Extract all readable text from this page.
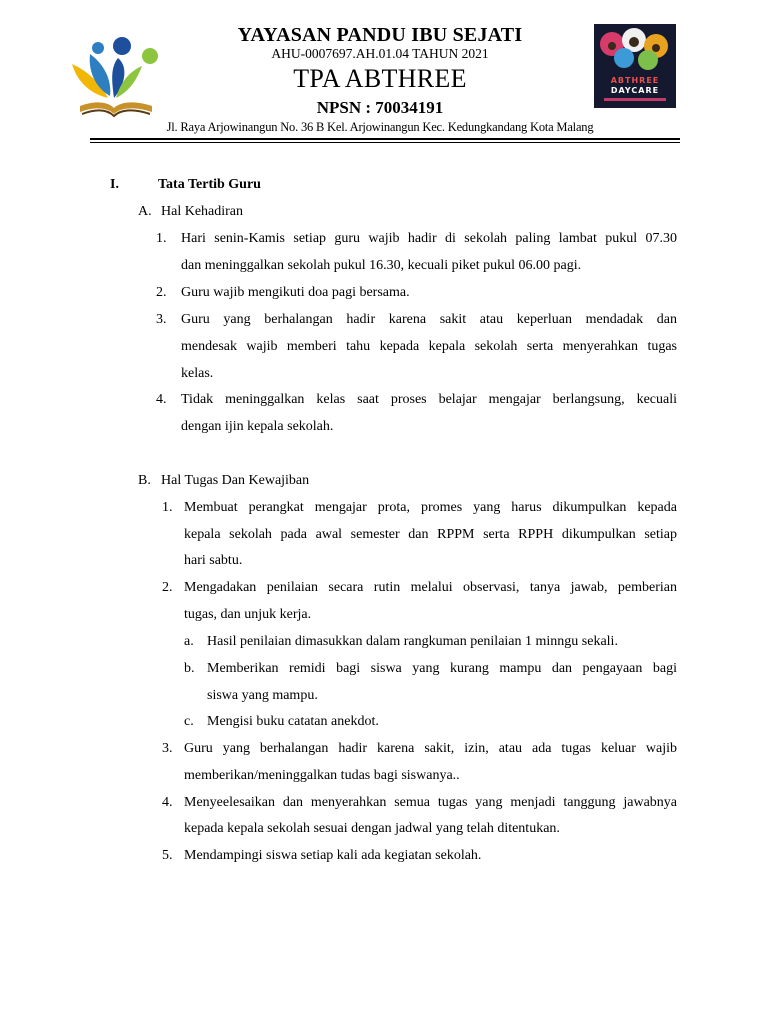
ABTHREE
DAYCARE
YAYASAN PANDU IBU SEJATI
AHU-0007697.AH.01.04 TAHUN 2021
TPA ABTHREE
NPSN : 70034191
Jl. Raya Arjowinangun No. 36 B Kel. Arjowinangun Kec. Kedungkandang Kota Malang
I.	Tata Tertib Guru
A. Hal Kehadiran
1. Hari senin-Kamis setiap guru wajib hadir di sekolah paling lambat pukul 07.30
dan meninggalkan sekolah pukul 16.30, kecuali piket pukul 06.00 pagi.
2. Guru wajib mengikuti doa pagi bersama.
3. Guru yang berhalangan hadir karena sakit atau keperluan mendadak dan
mendesak wajib memberi tahu kepada kepala sekolah serta menyerahkan tugas
kelas.
4. Tidak meninggalkan kelas saat proses belajar mengajar berlangsung, kecuali
dengan ijin kepala sekolah.
B. Hal Tugas Dan Kewajiban
1. Membuat perangkat mengajar prota, promes yang harus dikumpulkan kepada
kepala sekolah pada awal semester dan RPPM serta RPPH dikumpulkan setiap
hari sabtu.
2. Mengadakan penilaian secara rutin melalui observasi, tanya jawab, pemberian
tugas, dan unjuk kerja.
a. Hasil penilaian dimasukkan dalam rangkuman penilaian 1 minngu sekali.
b. Memberikan remidi bagi siswa yang kurang mampu dan pengayaan bagi
siswa yang mampu.
c. Mengisi buku catatan anekdot.
3. Guru yang berhalangan hadir karena sakit, izin, atau ada tugas keluar wajib
memberikan/meninggalkan tudas bagi siswanya..
4. Menyeelesaikan dan menyerahkan semua tugas yang menjadi tanggung jawabnya
kepada kepala sekolah sesuai dengan jadwal yang telah ditentukan.
5. Mendampingi siswa setiap kali ada kegiatan sekolah.
